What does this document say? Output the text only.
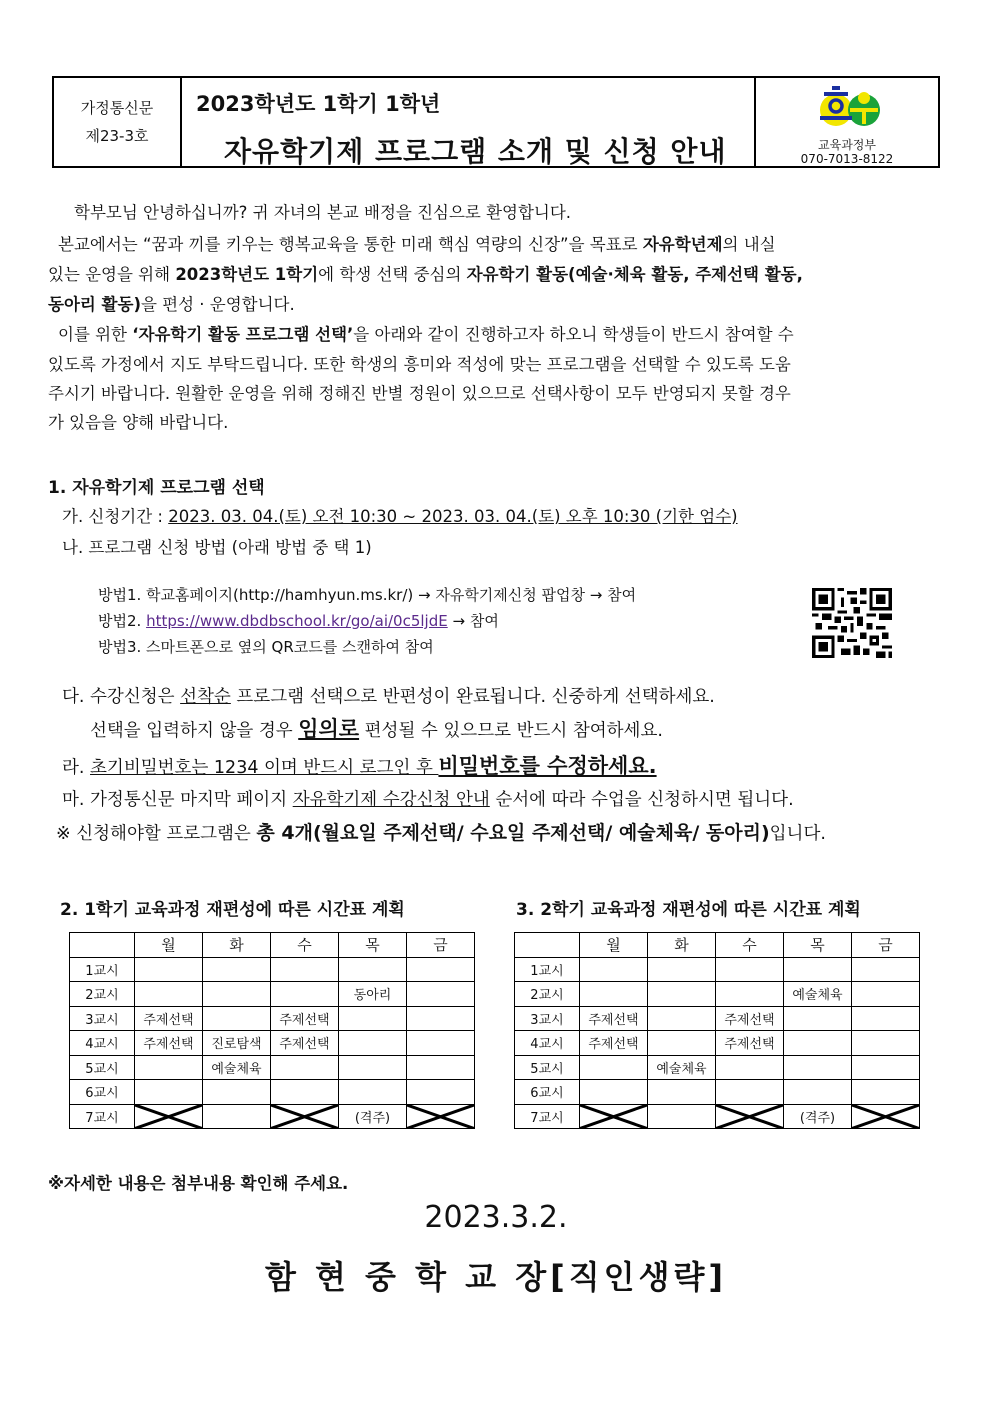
가정통신문
제23-3호
2023학년도 1학기 1학년
자유학기제 프로그램 소개 및 신청 안내	교육과정부
070-7013-8122
학부모님 안녕하십니까? 귀 자녀의 본교 배정을 진심으로 환영합니다.
본교에서는 “꿈과 끼를 키우는 행복교육을 통한 미래 핵심 역량의 신장”을 목표로 자유학년제의 내실
있는 운영을 위해 2023학년도 1학기에 학생 선택 중심의 자유학기 활동(예술·체육 활동, 주제선택 활동,
동아리 활동)을 편성 · 운영합니다.
이를 위한 ‘자유학기 활동 프로그램 선택’을 아래와 같이 진행하고자 하오니 학생들이 반드시 참여할 수
있도록 가정에서 지도 부탁드립니다. 또한 학생의 흥미와 적성에 맞는 프로그램을 선택할 수 있도록 도움
주시기 바랍니다. 원활한 운영을 위해 정해진 반별 정원이 있으므로 선택사항이 모두 반영되지 못할 경우
가 있음을 양해 바랍니다.
1. 자유학기제 프로그램 선택
가. 신청기간 : 2023. 03. 04.(토) 오전 10:30 ~ 2023. 03. 04.(토) 오후 10:30 (기한 엄수)
나. 프로그램 신청 방법 (아래 방법 중 택 1)
방법1. 학교홈페이지(http://hamhyun.ms.kr/) → 자유학기제신청 팝업창 → 참여
방법2. https://www.dbdbschool.kr/go/ai/0c5ljdE → 참여
방법3. 스마트폰으로 옆의 QR코드를 스캔하여 참여
다. 수강신청은 선착순 프로그램 선택으로 반편성이 완료됩니다. 신중하게 선택하세요.
선택을 입력하지 않을 경우 임의로 편성될 수 있으므로 반드시 참여하세요.
라. 초기비밀번호는 1234 이며 반드시 로그인 후 비밀번호를 수정하세요.
마. 가정통신문 마지막 페이지 자유학기제 수강신청 안내 순서에 따라 수업을 신청하시면 됩니다.
※ 신청해야할 프로그램은 총 4개(월요일 주제선택/ 수요일 주제선택/ 예술체육/ 동아리)입니다.
2. 1학기 교육과정 재편성에 따른 시간표 계획	3. 2학기 교육과정 재편성에 따른 시간표 계획
	월	화	수	목	금
1교시					
2교시				동아리	
3교시	주제선택		주제선택		
4교시	주제선택	진로탐색	주제선택		
5교시		예술체육			
6교시					
7교시				(격주)	
	월	화	수	목	금
1교시					
2교시				예술체육	
3교시	주제선택		주제선택		
4교시	주제선택		주제선택		
5교시		예술체육			
6교시					
7교시				(격주)	
※자세한 내용은 첨부내용 확인해 주세요.
2023.3.2.
함 현 중 학 교 장[직인생략]
